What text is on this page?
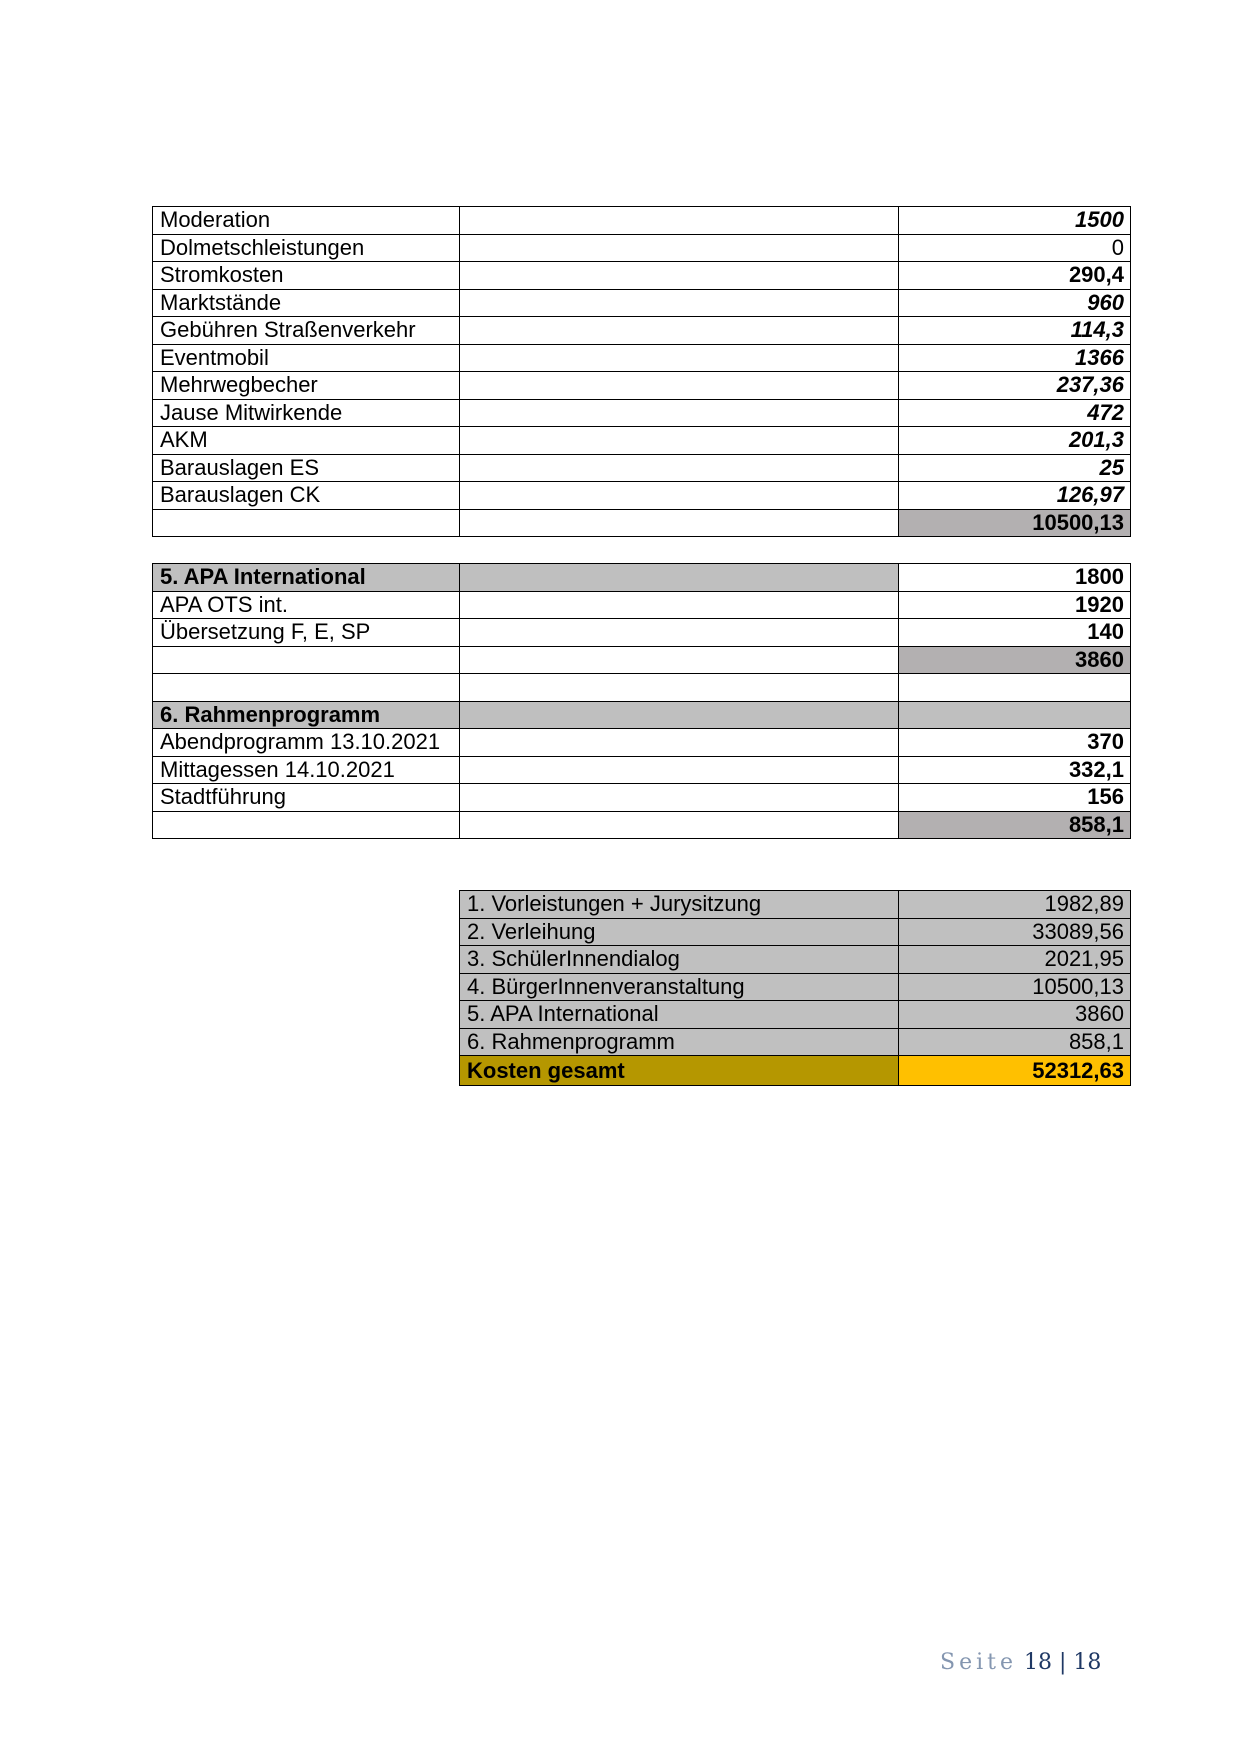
Moderation		1500
Dolmetschleistungen		0
Stromkosten		290,4
Marktstände		960
Gebühren Straßenverkehr		114,3
Eventmobil		1366
Mehrwegbecher		237,36
Jause Mitwirkende		472
AKM		201,3
Barauslagen ES		25
Barauslagen CK		126,97
		10500,13
5. APA International		1800
APA OTS int.		1920
Übersetzung F, E, SP		140
		3860

6. Rahmenprogramm		
Abendprogramm 13.10.2021		370
Mittagessen 14.10.2021		332,1
Stadtführung		156
		858,1
1. Vorleistungen + Jurysitzung	1982,89
2. Verleihung	33089,56
3. SchülerInnendialog	2021,95
4. BürgerInnenveranstaltung	10500,13
5. APA International	3860
6. Rahmenprogramm	858,1
Kosten gesamt	52312,63
Seite 18 | 18
